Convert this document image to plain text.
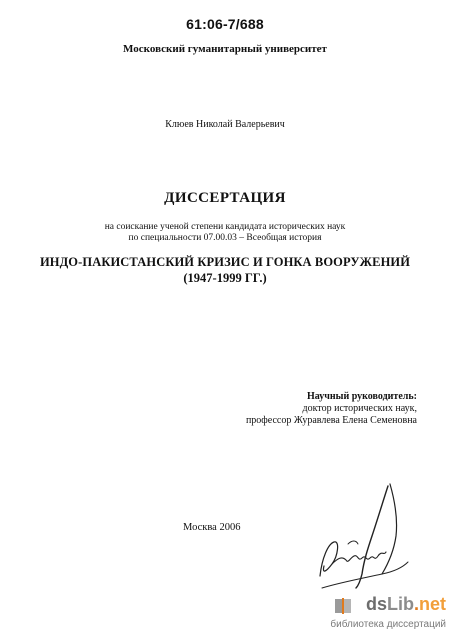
61:06-7/688
Московский гуманитарный университет
Клюев Николай Валерьевич
ДИССЕРТАЦИЯ
на соискание ученой степени кандидата исторических наук
по специальности 07.00.03 – Всеобщая история
ИНДО-ПАКИСТАНСКИЙ КРИЗИС И ГОНКА ВООРУЖЕНИЙ
(1947-1999 ГГ.)
Научный руководитель:
доктор исторических наук,
профессор Журавлева Елена Семеновна
Москва 2006
dsLib.net
библиотека диссертаций
